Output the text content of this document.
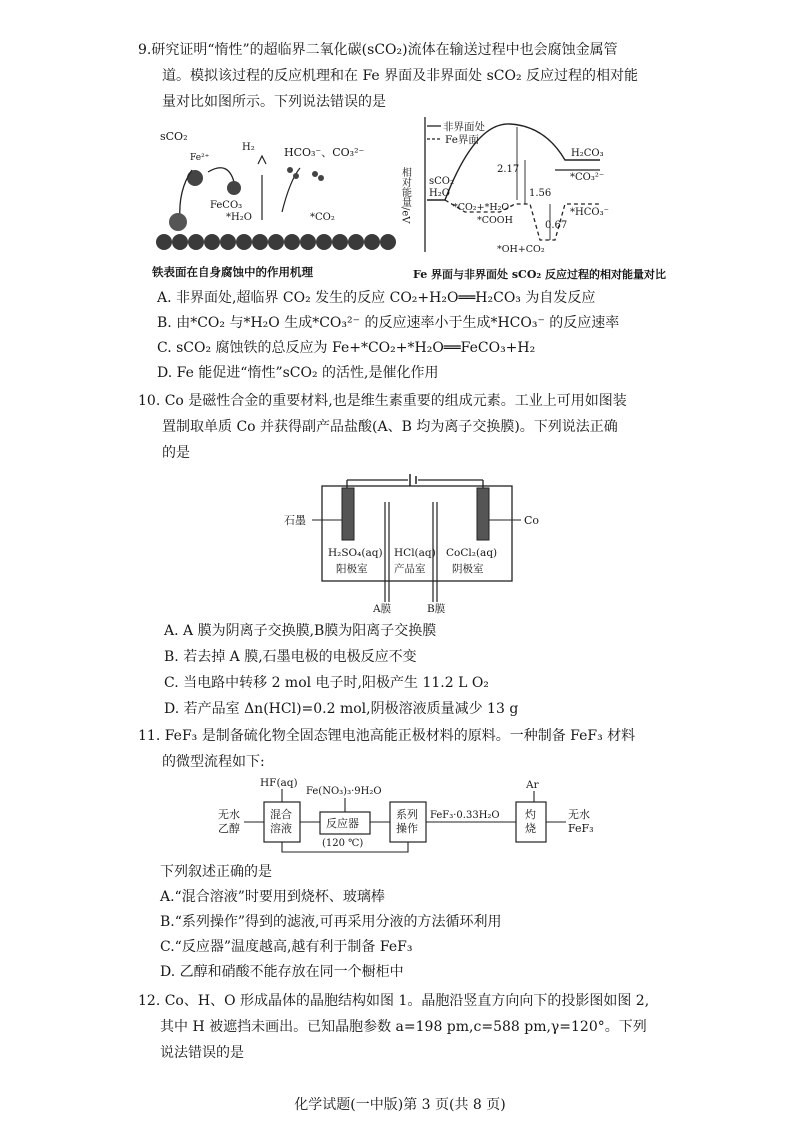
9.研究证明“惰性”的超临界二氧化碳(sCO₂)流体在输送过程中也会腐蚀金属管
道。模拟该过程的反应机理和在 Fe 界面及非界面处 sCO₂ 反应过程的相对能
量对比如图所示。下列说法错误的是
sCO₂
Fe²⁺
H₂	HCO₃⁻、CO₃²⁻
FeCO₃
*H₂O	*CO₂
铁表面在自身腐蚀中的作用机理
相对能量/eV
非界面处
Fe界面
sCO₂
H₂O
H₂CO₃
*CO₃²⁻
*HCO₃⁻
*CO₂+*H₂O
*COOH
*OH+CO₂
2.17
1.56
0.67
Fe 界面与非界面处 sCO₂ 反应过程的相对能量对比
A. 非界面处,超临界 CO₂ 发生的反应 CO₂+H₂O══H₂CO₃ 为自发反应
B. 由*CO₂ 与*H₂O 生成*CO₃²⁻ 的反应速率小于生成*HCO₃⁻ 的反应速率
C. sCO₂ 腐蚀铁的总反应为 Fe+*CO₂+*H₂O══FeCO₃+H₂
D. Fe 能促进“惰性”sCO₂ 的活性,是催化作用
10. Co 是磁性合金的重要材料,也是维生素重要的组成元素。工业上可用如图装
置制取单质 Co 并获得副产品盐酸(A、B 均为离子交换膜)。下列说法正确
的是
石墨	Co
H₂SO₄(aq)
阳极室
HCl(aq)
产品室
CoCl₂(aq)
阴极室
A膜	B膜
A. A 膜为阴离子交换膜,B膜为阳离子交换膜
B. 若去掉 A 膜,石墨电极的电极反应不变
C. 当电路中转移 2 mol 电子时,阳极产生 11.2 L O₂
D. 若产品室 Δn(HCl)=0.2 mol,阴极溶液质量减少 13 g
11. FeF₃ 是制备硫化物全固态锂电池高能正极材料的原料。一种制备 FeF₃ 材料
的微型流程如下:
HF(aq)
Fe(NO₃)₃·9H₂O
Ar
无水
乙醇
混合
溶液	反应器
(120 ℃)
系列
操作
FeF₃·0.33H₂O 灼
烧
无水
FeF₃
下列叙述正确的是
A.“混合溶液”时要用到烧杯、玻璃棒
B.“系列操作”得到的滤液,可再采用分液的方法循环利用
C.“反应器”温度越高,越有利于制备 FeF₃
D. 乙醇和硝酸不能存放在同一个橱柜中
12. Co、H、O 形成晶体的晶胞结构如图 1。晶胞沿竖直方向向下的投影图如图 2,
其中 H 被遮挡未画出。已知晶胞参数 a=198 pm,c=588 pm,γ=120°。下列
说法错误的是
化学试题(一中版)第 3 页(共 8 页)
